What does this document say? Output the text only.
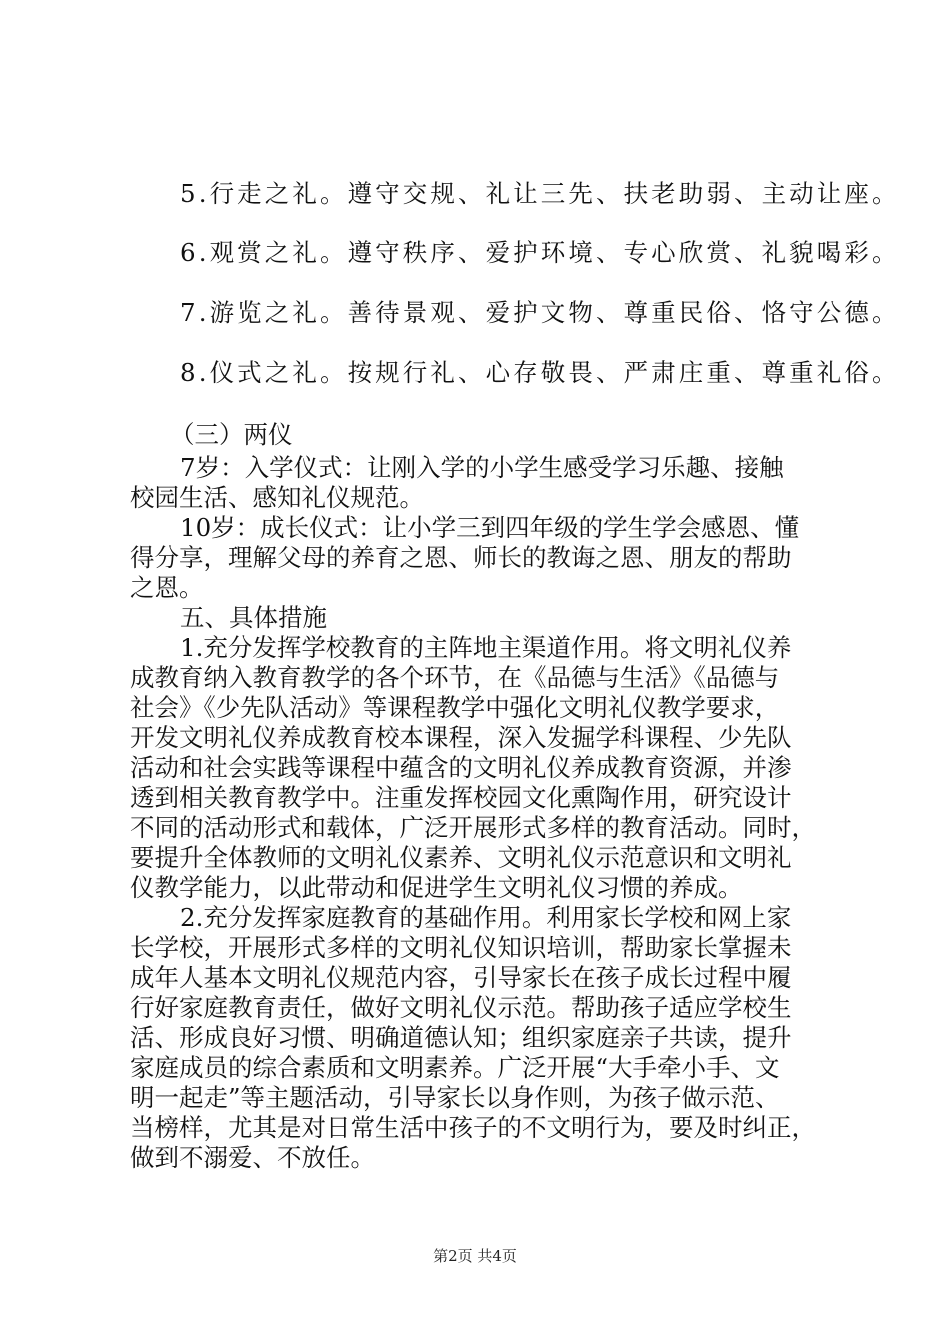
5.行走之礼。遵守交规、礼让三先、扶老助弱、主动让座。
6.观赏之礼。遵守秩序、爱护环境、专心欣赏、礼貌喝彩。
7.游览之礼。善待景观、爱护文物、尊重民俗、恪守公德。
8.仪式之礼。按规行礼、心存敬畏、严肃庄重、尊重礼俗。
（三）两仪
7岁：入学仪式：让刚入学的小学生感受学习乐趣、接触
校园生活、感知礼仪规范。
10岁：成长仪式：让小学三到四年级的学生学会感恩、懂
得分享，理解父母的养育之恩、师长的教诲之恩、朋友的帮助
之恩。
五、具体措施
1.充分发挥学校教育的主阵地主渠道作用。将文明礼仪养
成教育纳入教育教学的各个环节，在《品德与生活》《品德与
社会》《少先队活动》等课程教学中强化文明礼仪教学要求，
开发文明礼仪养成教育校本课程，深入发掘学科课程、少先队
活动和社会实践等课程中蕴含的文明礼仪养成教育资源，并渗
透到相关教育教学中。注重发挥校园文化熏陶作用，研究设计
不同的活动形式和载体，广泛开展形式多样的教育活动。同时，
要提升全体教师的文明礼仪素养、文明礼仪示范意识和文明礼
仪教学能力，以此带动和促进学生文明礼仪习惯的养成。
2.充分发挥家庭教育的基础作用。利用家长学校和网上家
长学校，开展形式多样的文明礼仪知识培训，帮助家长掌握未
成年人基本文明礼仪规范内容，引导家长在孩子成长过程中履
行好家庭教育责任，做好文明礼仪示范。帮助孩子适应学校生
活、形成良好习惯、明确道德认知；组织家庭亲子共读，提升
家庭成员的综合素质和文明素养。广泛开展“大手牵小手、文
明一起走”等主题活动，引导家长以身作则，为孩子做示范、
当榜样，尤其是对日常生活中孩子的不文明行为，要及时纠正，
做到不溺爱、不放任。
第2页 共4页
